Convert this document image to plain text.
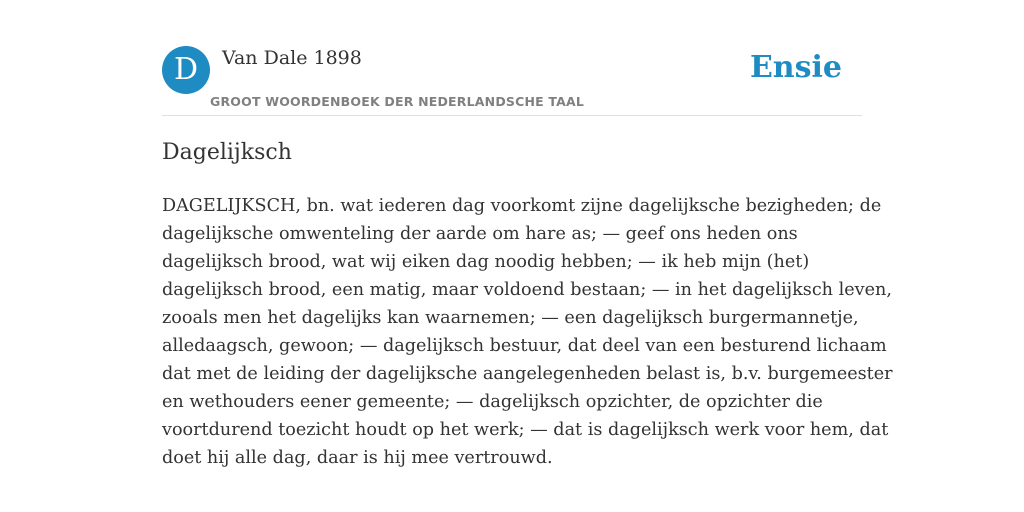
D	Van Dale 1898
GROOT WOORDENBOEK DER NEDERLANDSCHE TAAL
Ensie
Dagelijksch
DAGELIJKSCH, bn. wat iederen dag voorkomt zijne dagelijksche bezigheden; de
dagelijksche omwenteling der aarde om hare as; — geef ons heden ons
dagelijksch brood, wat wij eiken dag noodig hebben; — ik heb mijn (het)
dagelijksch brood, een matig, maar voldoend bestaan; — in het dagelijksch leven,
zooals men het dagelijks kan waarnemen; — een dagelijksch burgermannetje,
alledaagsch, gewoon; — dagelijksch bestuur, dat deel van een besturend lichaam
dat met de leiding der dagelijksche aangelegenheden belast is, b.v. burgemeester
en wethouders eener gemeente; — dagelijksch opzichter, de opzichter die
voortdurend toezicht houdt op het werk; — dat is dagelijksch werk voor hem, dat
doet hij alle dag, daar is hij mee vertrouwd.
